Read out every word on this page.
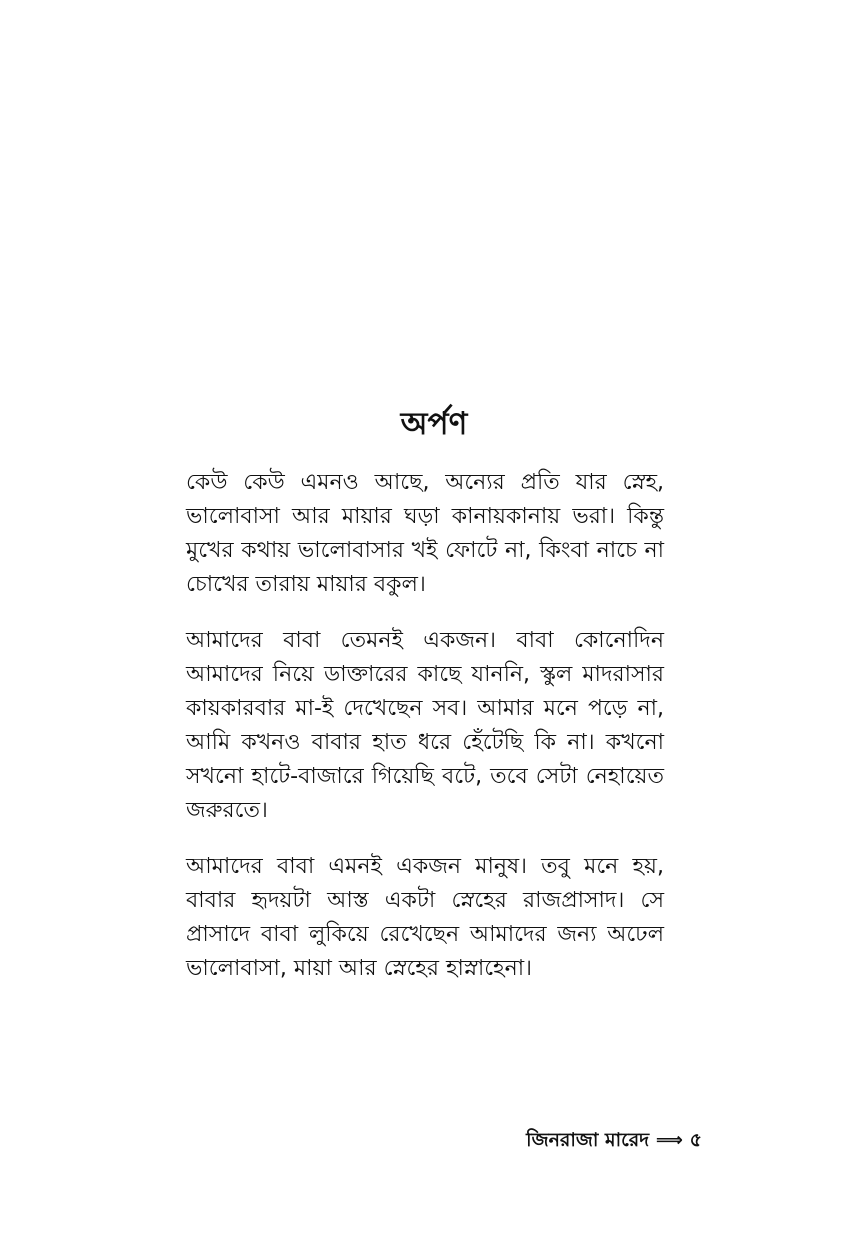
অর্পণ

কেউ কেউ এমনও আছে, অন্যের প্রতি যার স্নেহ, ভালোবাসা আর মায়ার ঘড়া কানায়কানায় ভরা। কিন্তু মুখের কথায় ভালোবাসার খই ফোটে না, কিংবা নাচে না চোখের তারায় মায়ার বকুল।

আমাদের বাবা তেমনই একজন। বাবা কোনোদিন আমাদের নিয়ে ডাক্তারের কাছে যাননি, স্কুল মাদরাসার কায়কারবার মা-ই দেখেছেন সব। আমার মনে পড়ে না, আমি কখনও বাবার হাত ধরে হেঁটেছি কি না। কখনো সখনো হাটে-বাজারে গিয়েছি বটে, তবে সেটা নেহায়েত জরুরতে।

আমাদের বাবা এমনই একজন মানুষ। তবু মনে হয়, বাবার হৃদয়টা আস্ত একটা স্নেহের রাজপ্রাসাদ। সে প্রাসাদে বাবা লুকিয়ে রেখেছেন আমাদের জন্য অঢেল ভালোবাসা, মায়া আর স্নেহের হাস্নাহেনা।

জিনরাজা মারেদ ⟹ ৫
